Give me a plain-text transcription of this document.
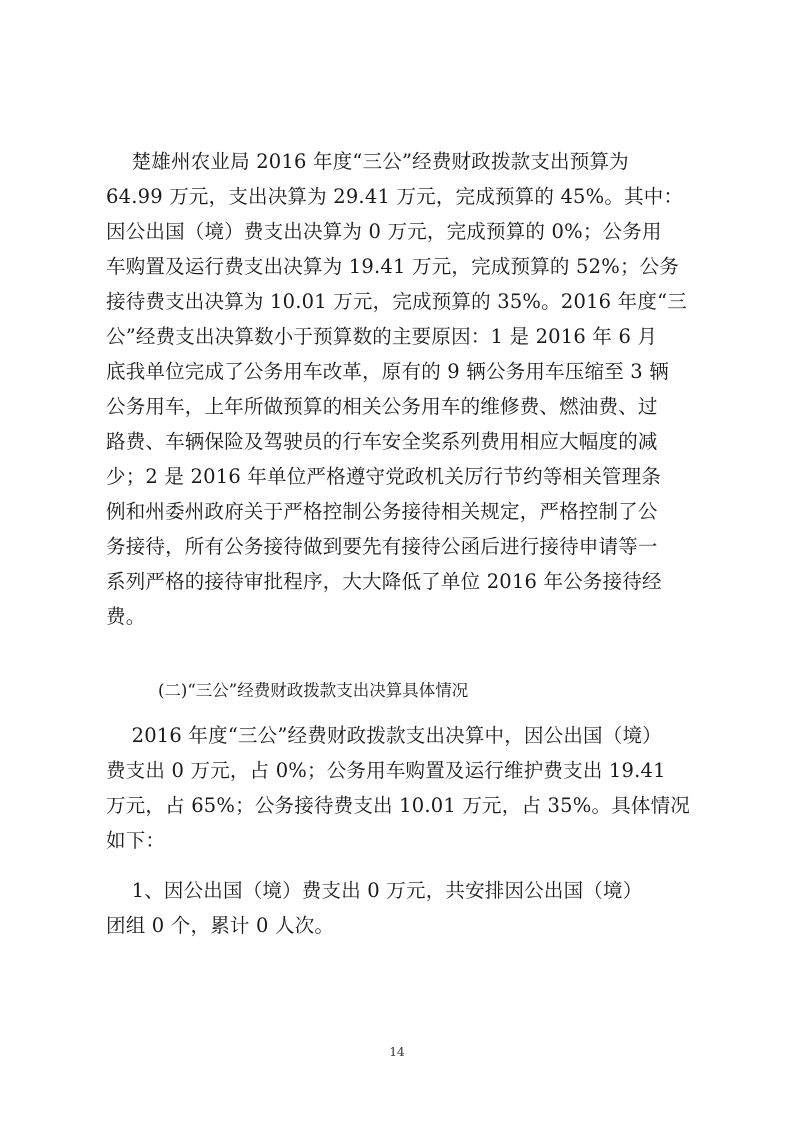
楚雄州农业局 2016 年度“三公”经费财政拨款支出预算为
64.99 万元，支出决算为 29.41 万元，完成预算的 45%。其中：
因公出国（境）费支出决算为 0 万元，完成预算的 0%；公务用
车购置及运行费支出决算为 19.41 万元，完成预算的 52%；公务
接待费支出决算为 10.01 万元，完成预算的 35%。2016 年度“三
公”经费支出决算数小于预算数的主要原因：1 是 2016 年 6 月
底我单位完成了公务用车改革，原有的 9 辆公务用车压缩至 3 辆
公务用车，上年所做预算的相关公务用车的维修费、燃油费、过
路费、车辆保险及驾驶员的行车安全奖系列费用相应大幅度的减
少；2 是 2016 年单位严格遵守党政机关厉行节约等相关管理条
例和州委州政府关于严格控制公务接待相关规定，严格控制了公
务接待，所有公务接待做到要先有接待公函后进行接待申请等一
系列严格的接待审批程序，大大降低了单位 2016 年公务接待经
费。
(二)“三公”经费财政拨款支出决算具体情况
2016 年度“三公”经费财政拨款支出决算中，因公出国（境）
费支出 0 万元，占 0%；公务用车购置及运行维护费支出 19.41
万元，占 65%；公务接待费支出 10.01 万元，占 35%。具体情况
如下：
1、因公出国（境）费支出 0 万元，共安排因公出国（境）
团组 0 个，累计 0 人次。
14
